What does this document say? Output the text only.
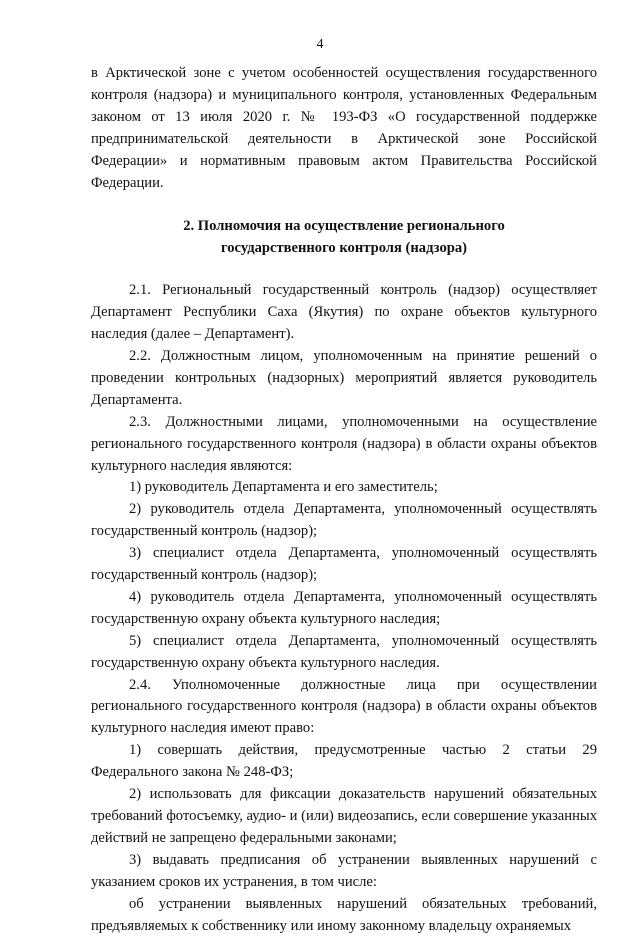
4

в Арктической зоне с учетом особенностей осуществления государственного контроля (надзора) и муниципального контроля, установленных Федеральным законом от 13 июля 2020 г. № 193-ФЗ «О государственной поддержке предпринимательской деятельности в Арктической зоне Российской Федерации» и нормативным правовым актом Правительства Российской Федерации.

2. Полномочия на осуществление регионального
государственного контроля (надзора)

2.1. Региональный государственный контроль (надзор) осуществляет Департамент Республики Саха (Якутия) по охране объектов культурного наследия (далее – Департамент).

2.2. Должностным лицом, уполномоченным на принятие решений о проведении контрольных (надзорных) мероприятий является руководитель Департамента.

2.3. Должностными лицами, уполномоченными на осуществление регионального государственного контроля (надзора) в области охраны объектов культурного наследия являются:

1) руководитель Департамента и его заместитель;

2) руководитель отдела Департамента, уполномоченный осуществлять государственный контроль (надзор);

3) специалист отдела Департамента, уполномоченный осуществлять государственный контроль (надзор);

4) руководитель отдела Департамента, уполномоченный осуществлять государственную охрану объекта культурного наследия;

5) специалист отдела Департамента, уполномоченный осуществлять государственную охрану объекта культурного наследия.

2.4. Уполномоченные должностные лица при осуществлении регионального государственного контроля (надзора) в области охраны объектов культурного наследия имеют право:

1) совершать действия, предусмотренные частью 2 статьи 29 Федерального закона № 248-ФЗ;

2) использовать для фиксации доказательств нарушений обязательных требований фотосъемку, аудио- и (или) видеозапись, если совершение указанных действий не запрещено федеральными законами;

3) выдавать предписания об устранении выявленных нарушений с указанием сроков их устранения, в том числе:

об устранении выявленных нарушений обязательных требований, предъявляемых к собственнику или иному законному владельцу охраняемых
